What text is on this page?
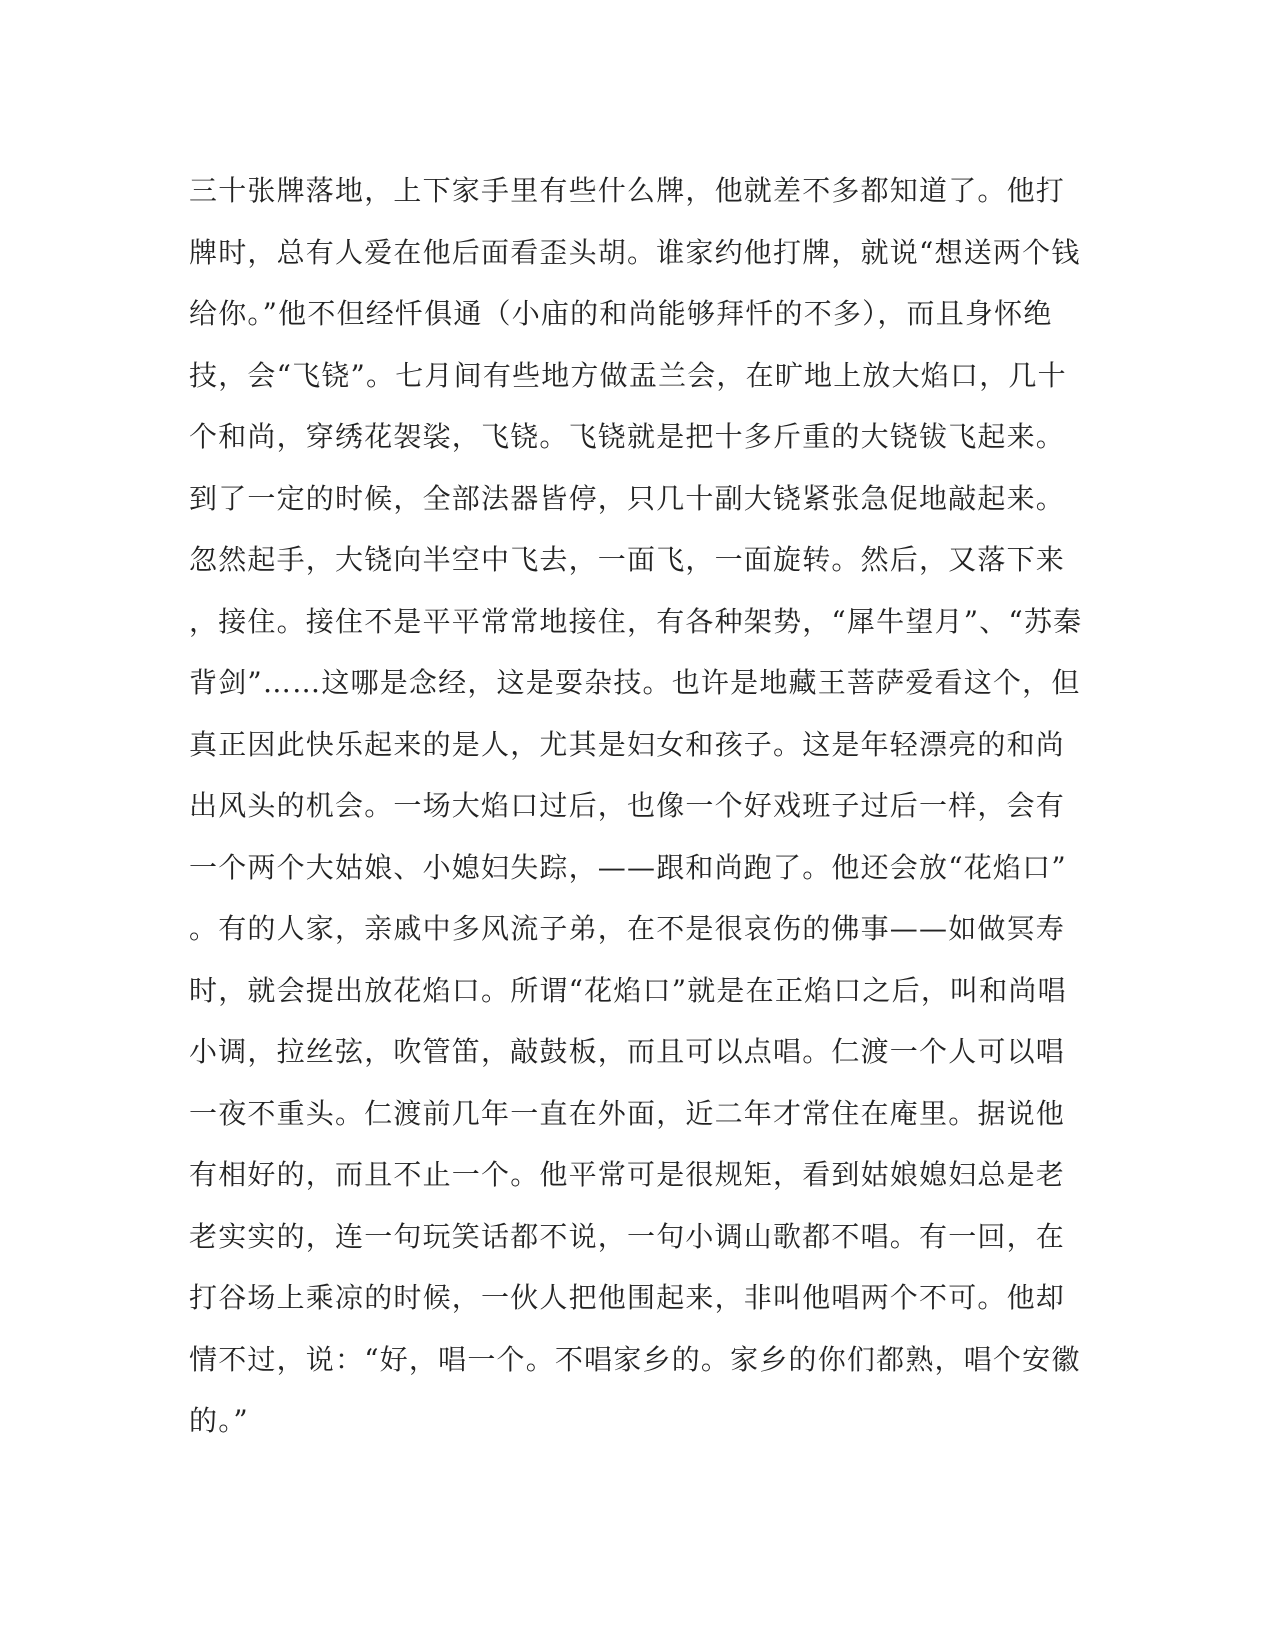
三十张牌落地，上下家手里有些什么牌，他就差不多都知道了。他打
牌时，总有人爱在他后面看歪头胡。谁家约他打牌，就说“想送两个钱
给你。”他不但经忏俱通（小庙的和尚能够拜忏的不多），而且身怀绝
技，会“飞铙”。七月间有些地方做盂兰会，在旷地上放大焰口，几十
个和尚，穿绣花袈裟，飞铙。飞铙就是把十多斤重的大铙钹飞起来。
到了一定的时候，全部法器皆停，只几十副大铙紧张急促地敲起来。
忽然起手，大铙向半空中飞去，一面飞，一面旋转。然后，又落下来
，接住。接住不是平平常常地接住，有各种架势，“犀牛望月”、“苏秦
背剑”……这哪是念经，这是耍杂技。也许是地藏王菩萨爱看这个，但
真正因此快乐起来的是人，尤其是妇女和孩子。这是年轻漂亮的和尚
出风头的机会。一场大焰口过后，也像一个好戏班子过后一样，会有
一个两个大姑娘、小媳妇失踪，——跟和尚跑了。他还会放“花焰口”
。有的人家，亲戚中多风流子弟，在不是很哀伤的佛事——如做冥寿
时，就会提出放花焰口。所谓“花焰口”就是在正焰口之后，叫和尚唱
小调，拉丝弦，吹管笛，敲鼓板，而且可以点唱。仁渡一个人可以唱
一夜不重头。仁渡前几年一直在外面，近二年才常住在庵里。据说他
有相好的，而且不止一个。他平常可是很规矩，看到姑娘媳妇总是老
老实实的，连一句玩笑话都不说，一句小调山歌都不唱。有一回，在
打谷场上乘凉的时候，一伙人把他围起来，非叫他唱两个不可。他却
情不过，说：“好，唱一个。不唱家乡的。家乡的你们都熟，唱个安徽
的。”
